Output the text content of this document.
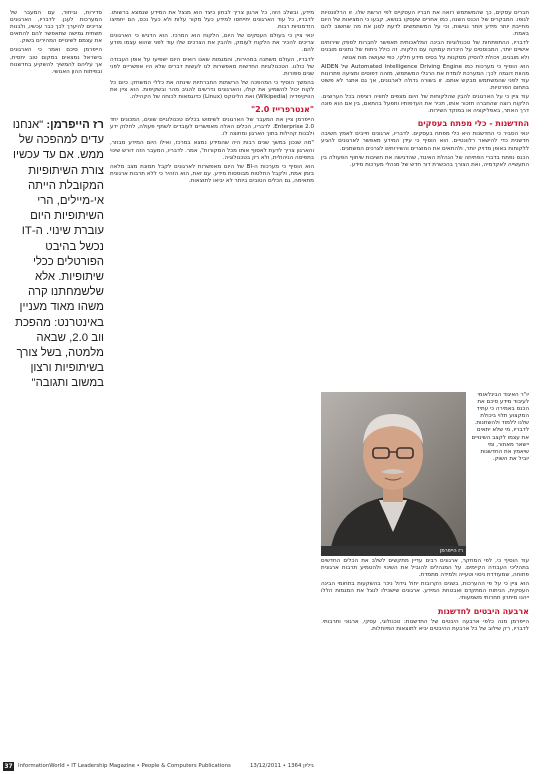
חברים עסקים, כך שהמשתמש רואה את חבריו העסקיים לפי הרשת שלו. זו הרלוונטיות לגופו. המבקרים של הכנס השנה, כמו אחרים שעסקו בנושא, קבעו כי המציאות של היום מחייבת יותר מידע ויותר נגישות, וכי על המשתמשים לדעת לסנן את מה שחשוב להם באמת.

לדבריו, ההתפתחות של טכנולוגיות הבינה המלאכותית תאפשר לחברות לספק שירותים אישיים יותר, המבוססים על היכרות עמוקה עם הלקוח. זה כולל ניתוח של נתונים מובנים ולא מובנים, ויכולת להסיק מסקנות על בסיס מידע חלקי, כפי שעושה מוח אנושי.

הוא הוסיף כי מערכות כמו Automated Intelligence Driving Engine של AIDEN מהוות דוגמה לכך: המערכת לומדת את הרגלי המשתמש, מזהה דפוסים ומציעה פתרונות עוד לפני שהמשתמש מבקש אותם. זו בשורה גדולה לארגונים, אך גם אתגר לא פשוט בתחום הפרטיות.

עוד ציין כי על הארגונים להבין שהלקוחות של היום מצפים לחוויה רציפה בכל הערוצים. הלקוח רוצה שהחברה תזכור אותו, תכיר את העדפותיו ותפעל בהתאם, בין אם הוא פונה דרך האתר, באפליקציה או במוקד השירות.

החדשנות - כלי מפתח בעסקים

ינאי הסביר כי החדשנות היא כלי מפתח בעסקים. לדבריו, ארגונים חייבים לאמץ חשיבה חדשנית כדי להישאר רלוונטיים. הוא הוסיף כי עידן המידע מאפשר לארגונים להגיע ללקוחות באופן מדויק יותר, ולהתאים את המוצרים והשירותים לצרכים המשתנים.

הכנס נפתח בדברי הפתיחה של הנהלת האיגוד, שהדגישה את חשיבות שיתוף הפעולה בין התעשייה לאקדמיה, ואת הצורך בהכשרת דור חדש של מנהלי מערכות מידע.

רז הייפרמן
יו"ר האיגוד הבינלאומי לעיבוד מידע סיכם את הכנס באמירה כי עתיד המקצוע תלוי ביכולת שלנו ללמוד ולהשתנות. לדבריו, מי שלא יתאים את עצמו לקצב השינויים יישאר מאחור, ומי שיאמץ את החדשנות יוביל את השוק.

עוד הוסיף כי, לפי המחקר, ארגונים רבים עדיין מתקשים לשלב את הכלים החדשים בתהליכי העבודה הקיימים. על המנהלים להוביל את השינוי ולהטמיע תרבות ארגונית פתוחה, שמעודדת ניסוי וטעייה ולמידה מתמדת.

הוא ציין כי על פי ההערכות, בשנים הקרובות יחול גידול ניכר בהשקעות בתחומי הבינה העסקית, הניתוח המתקדם ואבטחת המידע. ארגונים שישכילו לנצל את המגמות הללו ייהנו מיתרון תחרותי משמעותי.

ארבעה היבטים לחדשנות

הייפרמן מנה כלפי ארבעה היבטים של החדשנות: טכנולוגי, עסקי, ארגוני ותרבותי. לדבריו, רק שילוב של כל ארבעת ההיבטים יביא לתוצאות המיוחלות.

מידע, ובשלב הזה, כל ארגון צריך לבחון כיצד הוא מנצל את המידע שנמצא ברשותו. לדבריו, כל עוד הארגונים יתייחסו למידע כעל מקור עלות ולא כעל נכס, הם יחמיצו הזדמנויות רבות.

ינאי ציין כי בעולם העסקים של היום, הלקוח הוא המרכז. הוא הדגיש כי הארגונים צריכים להכיר את הלקוח לעומק, ולהבין את הצרכים שלו עוד לפני שהוא עצמו מודע להם.

לדבריו, העולם משתנה במהירות, והמגמות שאנו רואים היום ישפיעו על אופן העבודה של כולנו. הטכנולוגיות החדשות מאפשרות לנו לעשות דברים שלא היו אפשריים לפני שנים ספורות.

בהמשך הוסיף כי המהפכה של הרשתות החברתיות שינתה את כללי המשחק: כיום כל לקוח יכול להשמיע את קולו, והארגונים נדרשים להגיב מהר ובשקיפות. הוא ציין את הוויקיפדיה (Wikipedia) ואת הלינוקס (Linux) כדוגמאות לכוחה של הקהילה.

"אנטרפרייז 2.0"

הייפרמן ציין את המעבר של הארגונים לשימוש בכלים טכנולוגיים שונים, המכונים יחד Enterprise 2.0. לדבריו, הכלים האלה מאפשרים לעובדים לשתף פעולה, לחלוק ידע ולבנות קהילות בתוך הארגון ומחוצה לו.

"מה שנכון במשך שנים רבות היה שהמידע נמצא במרכז, ואילו היום המידע מבוזר, והארגון צריך לדעת לאסוף אותו מכל המקורות", אמר. לדבריו, המעבר הזה דורש שינוי בתפיסה הניהולית, ולא רק בטכנולוגיה.

הוא הוסיף כי מערכות ה-BI של היום מאפשרות לארגונים לקבל תמונת מצב מלאה בזמן אמת, ולקבל החלטות מבוססות מידע. עם זאת, הוא הזהיר כי ללא תרבות ארגונית מתאימה, גם הכלים הטובים ביותר לא יביאו לתוצאות.

סדירות, וביחוד, עם המעבר של המערכות לענן. לדבריו, הארגונים צריכים להיערך לכך כבר עכשיו, ולבנות תשתית גמישה שתאפשר להם להתאים את עצמם לשינויים המהירים בשוק.

הייפרמן סיכם ואמר כי הארגונים בישראל נמצאים במקום טוב יחסית, אך עליהם להמשיך להשקיע בחדשנות ובפיתוח ההון האנושי.

רז הייפרמן: "אנחנו עדים למהפכה של ממש. אם עד עכשיו צורת השיתופיות המקובלת הייתה אי-מיילים, הרי השיתופיות היום עוברת שינוי. ה-IT נכשל בהיבט הפורטלים ככלי שיתופיות. אלא שלשמחתנו קרה משהו מאוד מעניין באינטרנט: מהפכת ווב 2.0, שבאה מלמטה, בשל צורך בשיתופיות ורצון במשוב ותגובה"
37 InformationWorld • IT Leadership Magazine • People & Computers Publications	גיליון 1364 • 13/12/2011
